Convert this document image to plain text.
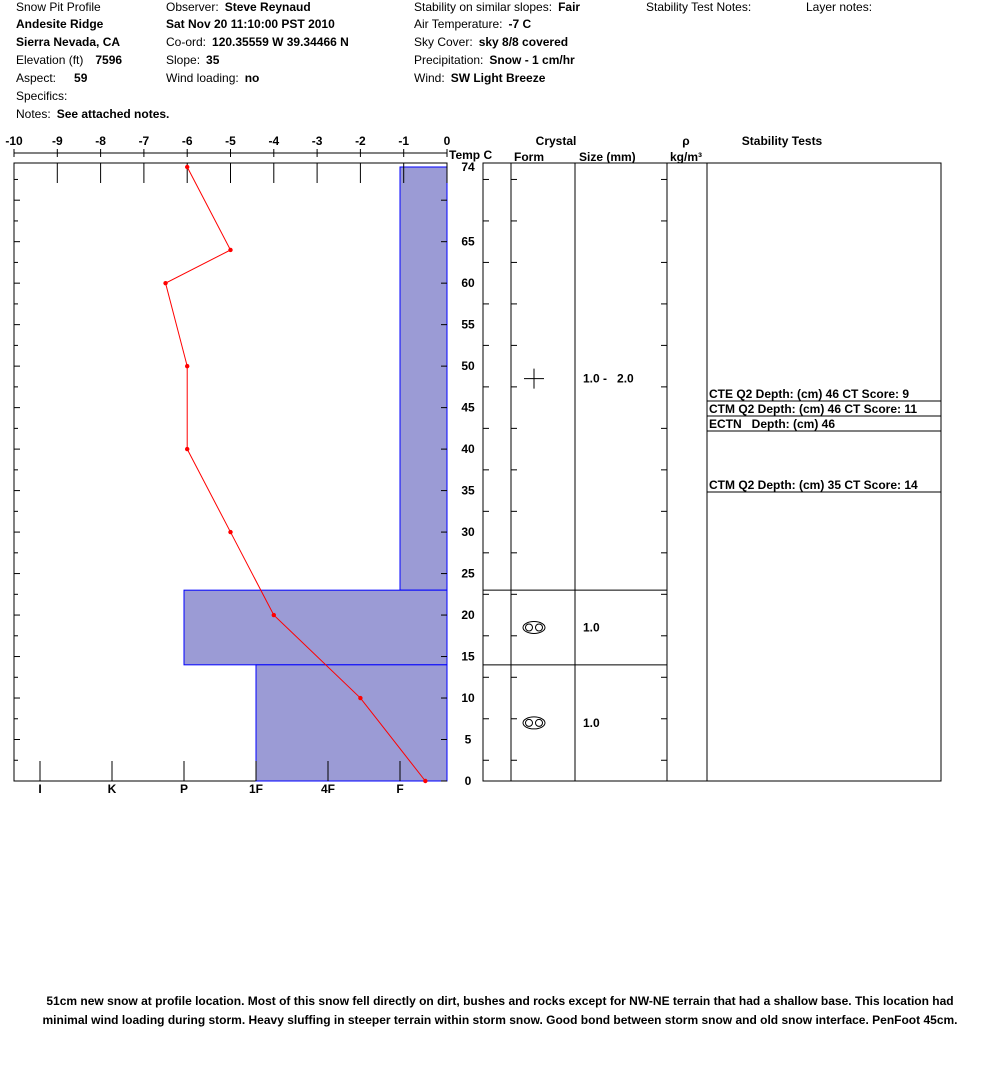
Snow Pit Profile
Andesite Ridge
Sierra Nevada, CA
Elevation (ft) 7596
Aspect: 59
Specifics:
Notes: See attached notes.
Observer: Steve Reynaud
Sat Nov 20 11:10:00 PST 2010
Co-ord: 120.35559 W 39.34466 N
Slope: 35
Wind loading: no
Stability on similar slopes: Fair
Air Temperature: -7 C
Sky Cover: sky 8/8 covered
Precipitation: Snow - 1 cm/hr
Wind: SW Light Breeze
Stability Test Notes:	Layer notes:
Crystal
Form	Size (mm)
ρ
kg/m³
Stability Tests
Temp C
-10 -9	-8	-7	-6	-5	-4	-3	-2	-1	0
I	K	P	1F	4F	F
0
5
10
15
20
25
30
35
40
45
50
55
60
65
74
1.0 -   2.0
1.0
1.0
CTE Q2 Depth: (cm) 46 CT Score: 9
CTM Q2 Depth: (cm) 46 CT Score: 11
ECTN   Depth: (cm) 46
CTM Q2 Depth: (cm) 35 CT Score: 14
51cm new snow at profile location. Most of this snow fell directly on dirt, bushes and rocks except for NW-NE terrain that had a shallow base. This location had
minimal wind loading during storm. Heavy sluffing in steeper terrain within storm snow. Good bond between storm snow and old snow interface. PenFoot 45cm.
